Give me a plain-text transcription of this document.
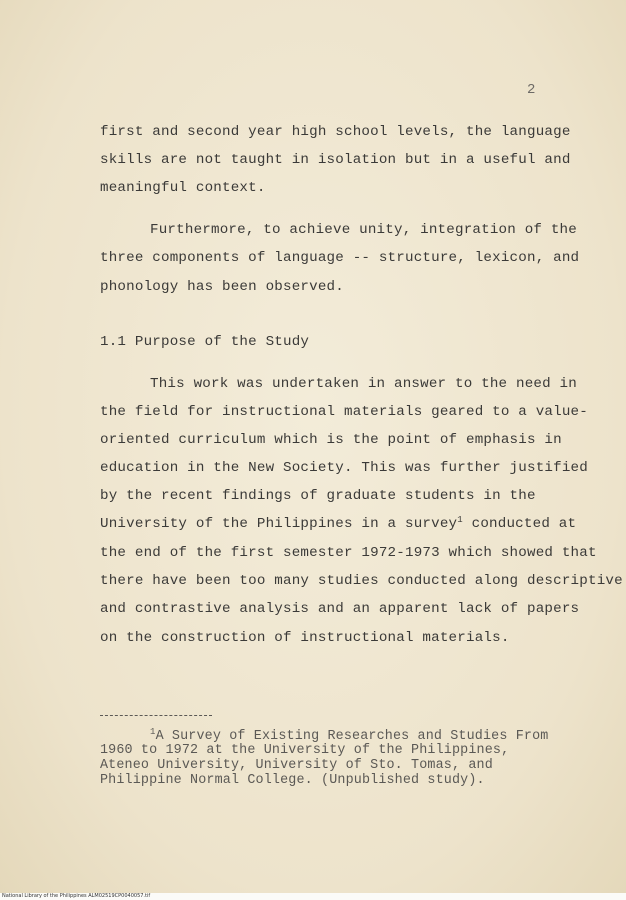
2
first and second year high school levels, the language
skills are not taught in isolation but in a useful and
meaningful context.
Furthermore, to achieve unity, integration of the
three components of language -- structure, lexicon, and
phonology has been observed.
1.1 Purpose of the Study
This work was undertaken in answer to the need in
the field for instructional materials geared to a value-
oriented curriculum which is the point of emphasis in
education in the New Society. This was further justified
by the recent findings of graduate students in the
University of the Philippines in a survey$^1$ conducted at
the end of the first semester 1972-1973 which showed that
there have been too many studies conducted along descriptive
and contrastive analysis and an apparent lack of papers
on the construction of instructional materials.
$^1$A Survey of Existing Researches and Studies From
1960 to 1972 at the University of the Philippines,
Ateneo University, University of Sto. Tomas, and
Philippine Normal College. (Unpublished study).
National Library of the Philippines ALM02519CP0040057.tif
